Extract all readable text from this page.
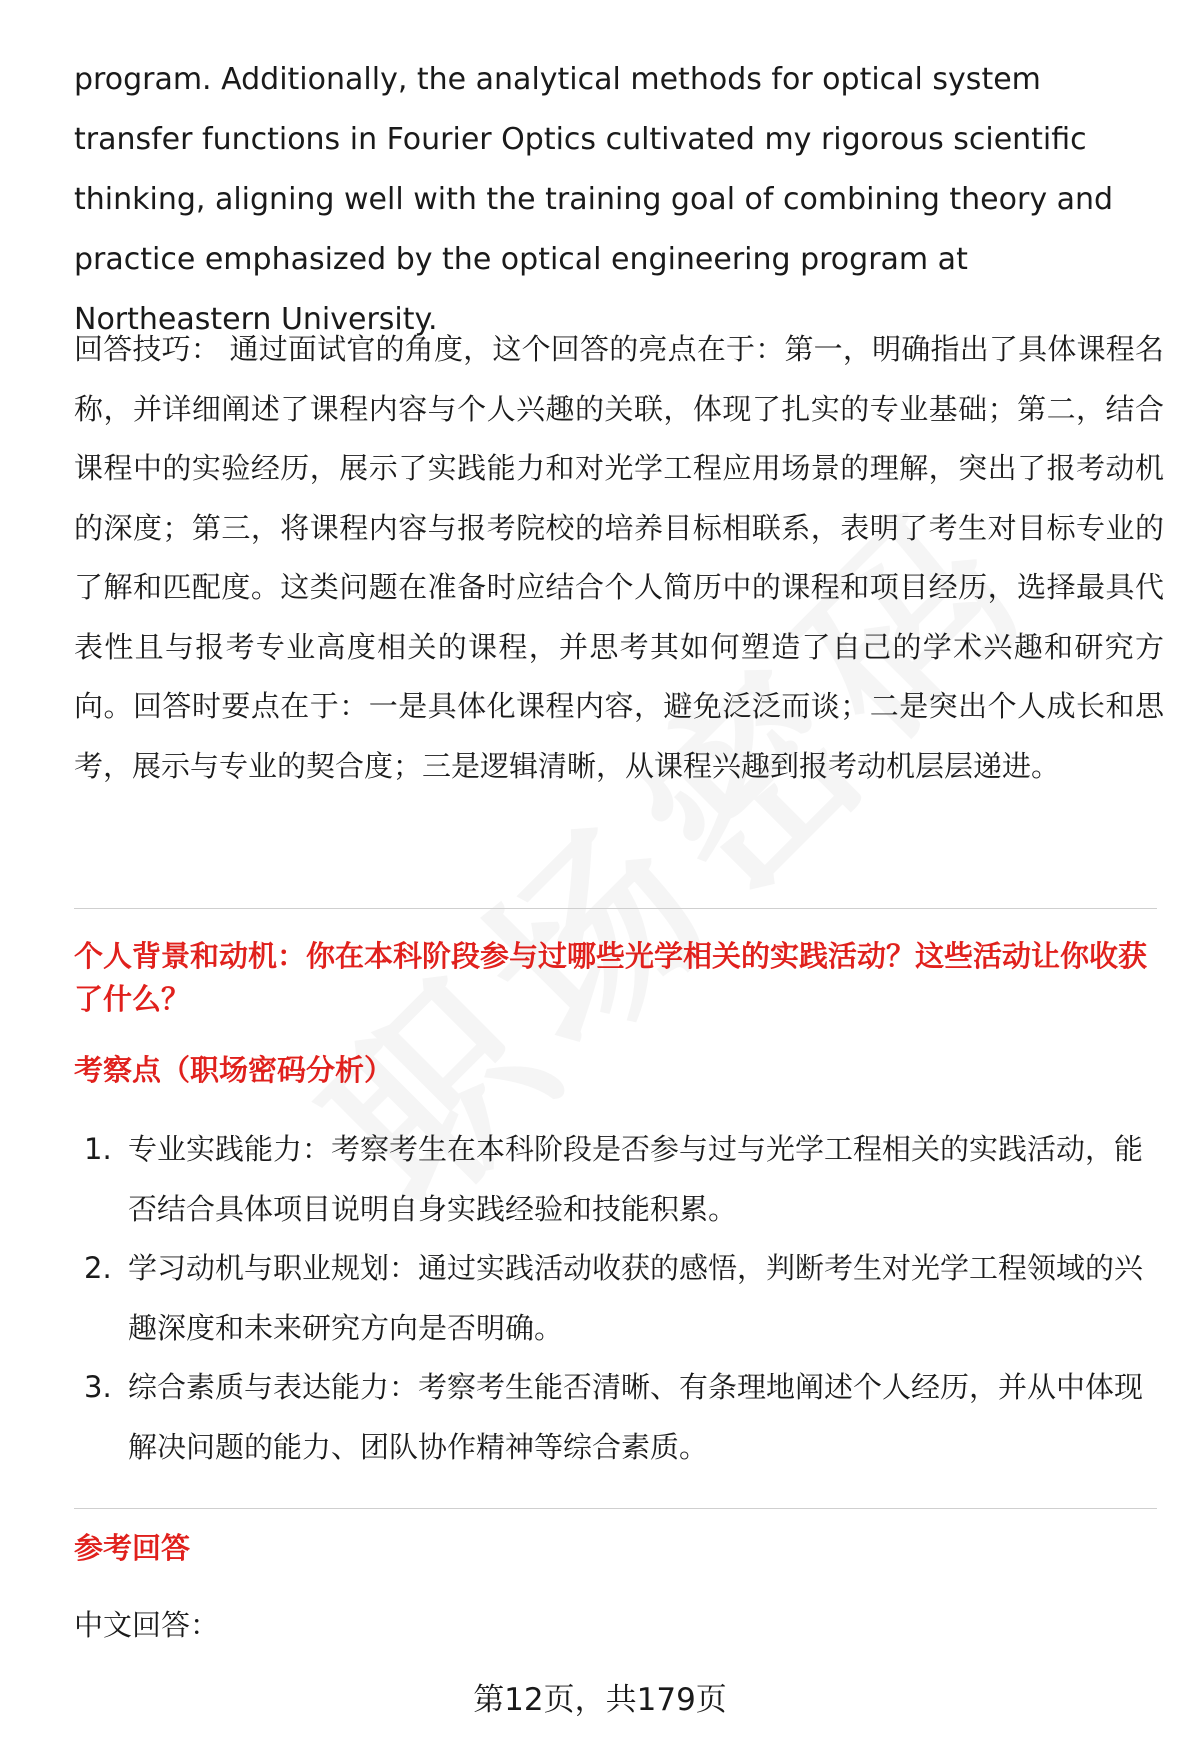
program. Additionally, the analytical methods for optical system transfer functions in Fourier Optics cultivated my rigorous scientific thinking, aligning well with the training goal of combining theory and practice emphasized by the optical engineering program at Northeastern University.

回答技巧： 通过面试官的角度，这个回答的亮点在于：第一，明确指出了具体课程名称，并详细阐述了课程内容与个人兴趣的关联，体现了扎实的专业基础；第二，结合课程中的实验经历，展示了实践能力和对光学工程应用场景的理解，突出了报考动机的深度；第三，将课程内容与报考院校的培养目标相联系，表明了考生对目标专业的了解和匹配度。这类问题在准备时应结合个人简历中的课程和项目经历，选择最具代表性且与报考专业高度相关的课程，并思考其如何塑造了自己的学术兴趣和研究方向。回答时要点在于：一是具体化课程内容，避免泛泛而谈；二是突出个人成长和思考，展示与专业的契合度；三是逻辑清晰，从课程兴趣到报考动机层层递进。

个人背景和动机：你在本科阶段参与过哪些光学相关的实践活动？这些活动让你收获了什么？

考察点（职场密码分析）

1. 专业实践能力：考察考生在本科阶段是否参与过与光学工程相关的实践活动，能否结合具体项目说明自身实践经验和技能积累。
2. 学习动机与职业规划：通过实践活动收获的感悟，判断考生对光学工程领域的兴趣深度和未来研究方向是否明确。
3. 综合素质与表达能力：考察考生能否清晰、有条理地阐述个人经历，并从中体现解决问题的能力、团队协作精神等综合素质。

参考回答

中文回答：

第12页，共179页
